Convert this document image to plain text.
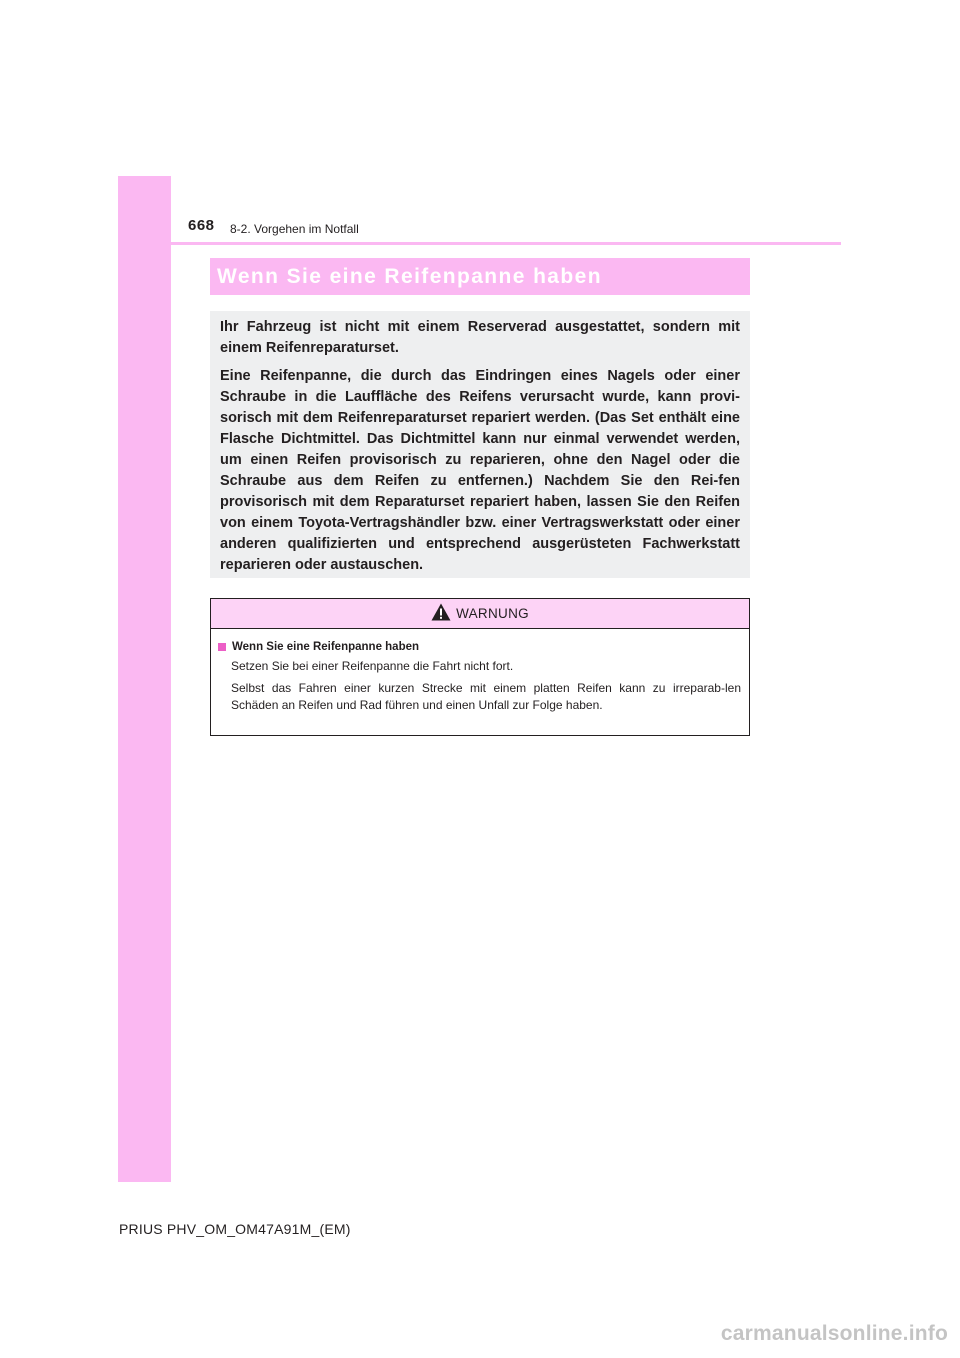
668 8-2. Vorgehen im Notfall
Wenn Sie eine Reifenpanne haben

Ihr Fahrzeug ist nicht mit einem Reserverad ausgestattet, sondern mit einem Reifenreparaturset.

Eine Reifenpanne, die durch das Eindringen eines Nagels oder einer Schraube in die Lauffläche des Reifens verursacht wurde, kann provi-sorisch mit dem Reifenreparaturset repariert werden. (Das Set enthält eine Flasche Dichtmittel. Das Dichtmittel kann nur einmal verwendet werden, um einen Reifen provisorisch zu reparieren, ohne den Nagel oder die Schraube aus dem Reifen zu entfernen.) Nachdem Sie den Rei-fen provisorisch mit dem Reparaturset repariert haben, lassen Sie den Reifen von einem Toyota-Vertragshändler bzw. einer Vertragswerkstatt oder einer anderen qualifizierten und entsprechend ausgerüsteten Fachwerkstatt reparieren oder austauschen.

WARNUNG
Wenn Sie eine Reifenpanne haben

Setzen Sie bei einer Reifenpanne die Fahrt nicht fort.

Selbst das Fahren einer kurzen Strecke mit einem platten Reifen kann zu irreparab-len Schäden an Reifen und Rad führen und einen Unfall zur Folge haben.

PRIUS PHV_OM_OM47A91M_(EM)
carmanualsonline.info
